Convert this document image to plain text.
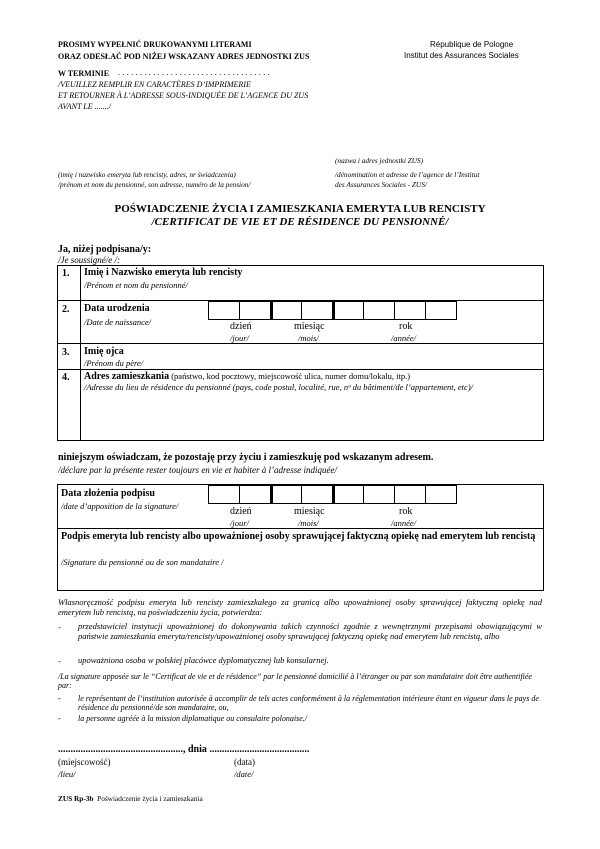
PROSIMY WYPEŁNIĆ DRUKOWANYMI LITERAMI
ORAZ ODESŁAĆ POD NIŻEJ WSKAZANY ADRES JEDNOSTKI ZUS
République de Pologne
Institut des Assurances Sociales
W TERMINIE . . . . . . . . . . . . . . . . . . . . . . . . . . . . . . . . . . .
/VEUILLEZ REMPLIR EN CARACTÈRES D’IMPRIMERIE
ET RETOURNER À L’ADRESSE SOUS-INDIQUÉE DE L’AGENCE DU ZUS
AVANT LE ......./
(nazwa i adres jednostki ZUS)
(imię i nazwisko emeryta lub rencisty, adres, nr świadczenia)	/dénomination et adresse de l’agence de l’Institut
/prénom et nom du pensionné, son adresse, numéro de la pension/	des Assurances Sociales - ZUS/
POŚWIADCZENIE ŻYCIA I ZAMIESZKANIA EMERYTA LUB RENCISTY
/CERTIFICAT DE VIE ET DE RÉSIDENCE DU PENSIONNÉ/
Ja, niżej podpisana/y:
/Je soussigné/e /:
1. Imię i Nazwisko emeryta lub rencisty
/Prénom et nom du pensionné/
2. Data urodzenia
/Date de naissance/	dzień
/jour/
miesiąc
/mois/
rok
/année/
3. Imię ojca
/Prénom du père/
4. Adres zamieszkania (państwo, kod pocztowy, miejscowość ulica, numer domu/lokalu, itp.)
/Adresse du lieu de résidence du pensionné (pays, code postal, localité, rue, nᵒ du bâtiment/de l’appartement, etc)/
niniejszym oświadczam, że pozostaję przy życiu i zamieszkuję pod wskazanym adresem.
/déclare par la présente rester toujours en vie et habiter à l’adresse indiquée/
Data złożenia podpisu
/date d’apposition de la signature/	dzień
/jour/
miesiąc
/mois/
rok
/année/
Podpis emeryta lub rencisty albo upoważnionej osoby sprawującej faktyczną opiekę nad emerytem lub rencistą
/Signature du pensionné ou de son mandataire /
Własnoręczność podpisu emeryta lub rencisty zamieszkałego za granicą albo upoważnionej osoby sprawującej faktyczną opiekę nad emerytem lub rencistą, na poświadczeniu życia, potwierdza:
- przedstawiciel instytucji upoważnionej do dokonywania takich czynności zgodnie z wewnętrznymi przepisami obowiązującymi w państwie zamieszkania emeryta/rencisty/upoważnionej osoby sprawującej faktyczną opiekę nad emerytem lub rencistą, albo
- upoważniona osoba w polskiej placówce dyplomatycznej lub konsularnej.
/La signature apposée sur le “Certificat de vie et de résidence” par le pensionné domicilié à l’étranger ou par son mandataire doit être authentifiée par:
- le représentant de l’institution autorisée à accomplir de tels actes conformément à la réglementation intérieure étant en vigueur dans le pays de résidence du pensionné/de son mandataire, ou,
- la personne agréée à la mission diplomatique ou consulaire polonaise./
.................................................., dnia ........................................
(miejscowość)
/lieu/
(data)
/date/
ZUS Rp-3b Poświadczenie życia i zamieszkania
